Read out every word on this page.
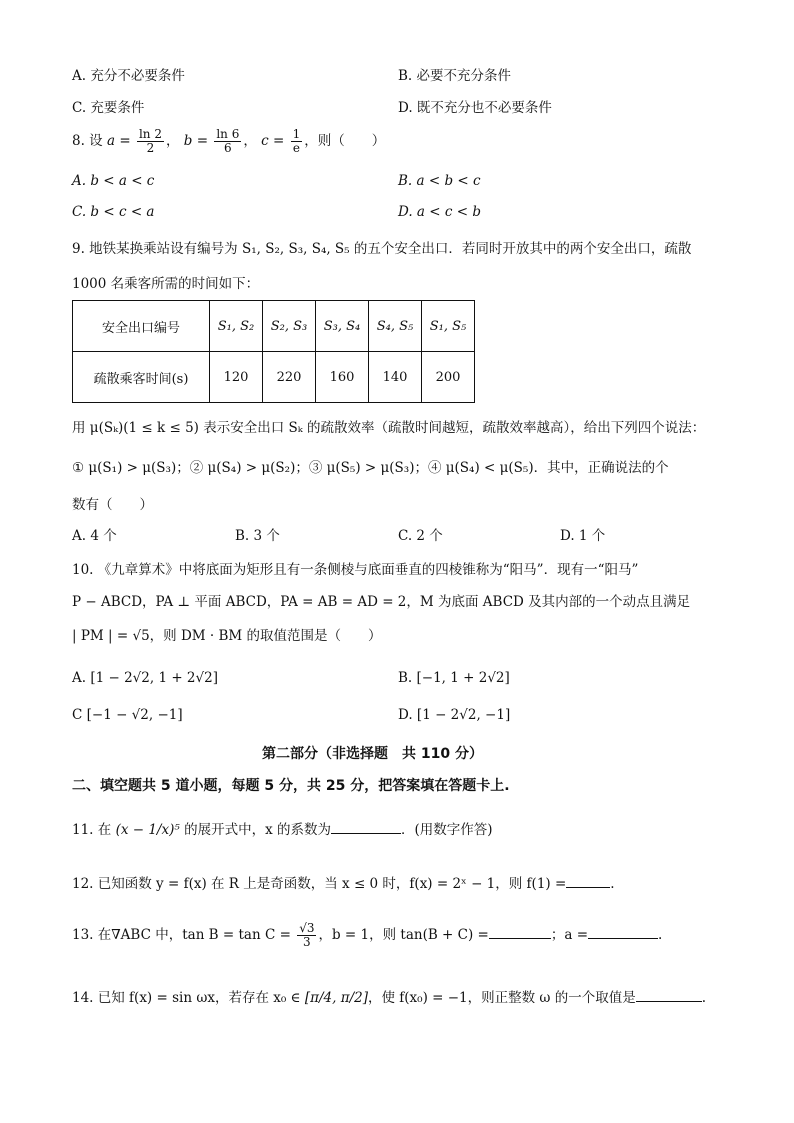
A. 充分不必要条件	B. 必要不充分条件
C. 充要条件	D. 既不充分也不必要条件
8. 设 $a = \frac{\ln 2}{2}$ ， $b = \frac{\ln 6}{6}$ ， $c = \frac{1}{e}$ ，则（　　）
A. b < a < c	B. a < b < c
C. b < c < a	D. a < c < b
9. 地铁某换乘站设有编号为 S₁, S₂, S₃, S₄, S₅ 的五个安全出口．若同时开放其中的两个安全出口，疏散
1000 名乘客所需的时间如下：
安全出口编号	S₁, S₂	S₂, S₃	S₃, S₄	S₄, S₅	S₁, S₅
疏散乘客时间(s)	120	220	160	140	200
用 μ(Sₖ)(1 ≤ k ≤ 5) 表示安全出口 Sₖ 的疏散效率（疏散时间越短，疏散效率越高），给出下列四个说法：
① μ(S₁) > μ(S₃)；② μ(S₄) > μ(S₂)；③ μ(S₅) > μ(S₃)；④ μ(S₄) < μ(S₅)．其中，正确说法的个
数有（　　）
A. 4 个	B. 3 个	C. 2 个	D. 1 个
10. 《九章算术》中将底面为矩形且有一条侧棱与底面垂直的四棱锥称为“阳马”．现有一“阳马”
P − ABCD，PA ⊥ 平面 ABCD，PA = AB = AD = 2，M 为底面 ABCD 及其内部的一个动点且满足
| PM | = √5，则 DM · BM 的取值范围是（　　）
A. [1 − 2√2, 1 + 2√2]	B. [−1, 1 + 2√2]
C [−1 − √2, −1]	D. [1 − 2√2, −1]
第二部分（非选择题　共 110 分）
二、填空题共 5 道小题，每题 5 分，共 25 分，把答案填在答题卡上.
11. 在 (x − 1/x)⁵ 的展开式中，x 的系数为	．(用数字作答)
12. 已知函数 y = f(x) 在 R 上是奇函数，当 x ≤ 0 时，f(x) = 2ˣ − 1，则 f(1) =	.
13. 在∇ABC 中，$\tan B = \tan C = \frac{√3}{3}$ ，b = 1，则 tan(B + C) =	；a =	.
14. 已知 f(x) = sin ωx，若存在 x₀ ∈ [π/4, π/2]，使 f(x₀) = −1，则正整数 ω 的一个取值是	.
